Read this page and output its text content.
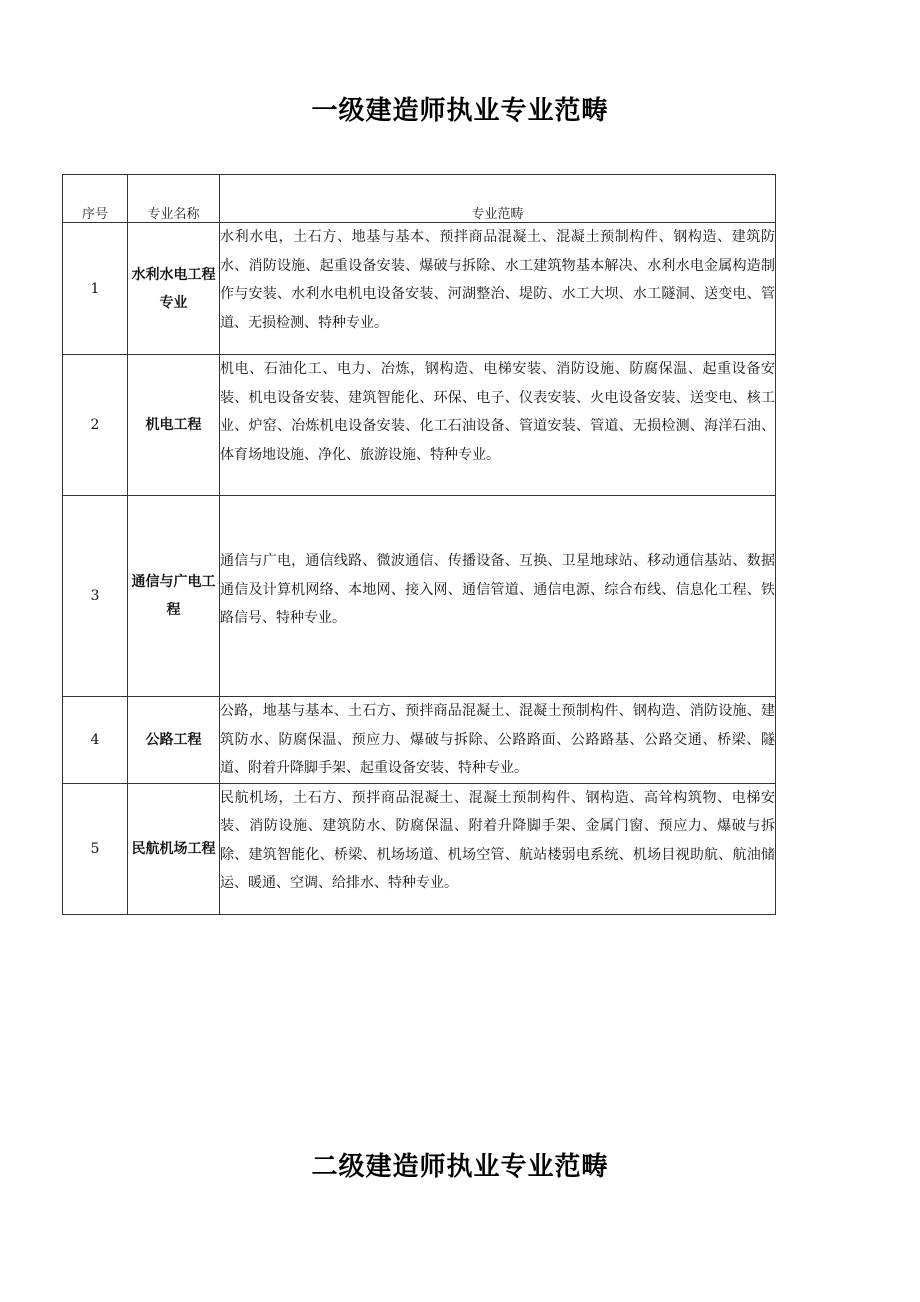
一级建造师执业专业范畴
序号	专业名称	专业范畴
1	水利水电工程专业	水利水电，土石方、地基与基本、预拌商品混凝土、混凝土预制构件、钢构造、建筑防水、消防设施、起重设备安装、爆破与拆除、水工建筑物基本解决、水利水电金属构造制作与安装、水利水电机电设备安装、河湖整治、堤防、水工大坝、水工隧洞、送变电、管道、无损检测、特种专业。
2	机电工程	机电、石油化工、电力、冶炼，钢构造、电梯安装、消防设施、防腐保温、起重设备安装、机电设备安装、建筑智能化、环保、电子、仪表安装、火电设备安装、送变电、核工业、炉窑、冶炼机电设备安装、化工石油设备、管道安装、管道、无损检测、海洋石油、体育场地设施、净化、旅游设施、特种专业。
3	通信与广电工程	通信与广电，通信线路、微波通信、传播设备、互换、卫星地球站、移动通信基站、数据通信及计算机网络、本地网、接入网、通信管道、通信电源、综合布线、信息化工程、铁路信号、特种专业。
4	公路工程	公路，地基与基本、土石方、预拌商品混凝土、混凝土预制构件、钢构造、消防设施、建筑防水、防腐保温、预应力、爆破与拆除、公路路面、公路路基、公路交通、桥梁、隧道、附着升降脚手架、起重设备安装、特种专业。
5	民航机场工程	民航机场，土石方、预拌商品混凝土、混凝土预制构件、钢构造、高耸构筑物、电梯安装、消防设施、建筑防水、防腐保温、附着升降脚手架、金属门窗、预应力、爆破与拆除、建筑智能化、桥梁、机场场道、机场空管、航站楼弱电系统、机场目视助航、航油储运、暖通、空调、给排水、特种专业。
二级建造师执业专业范畴
